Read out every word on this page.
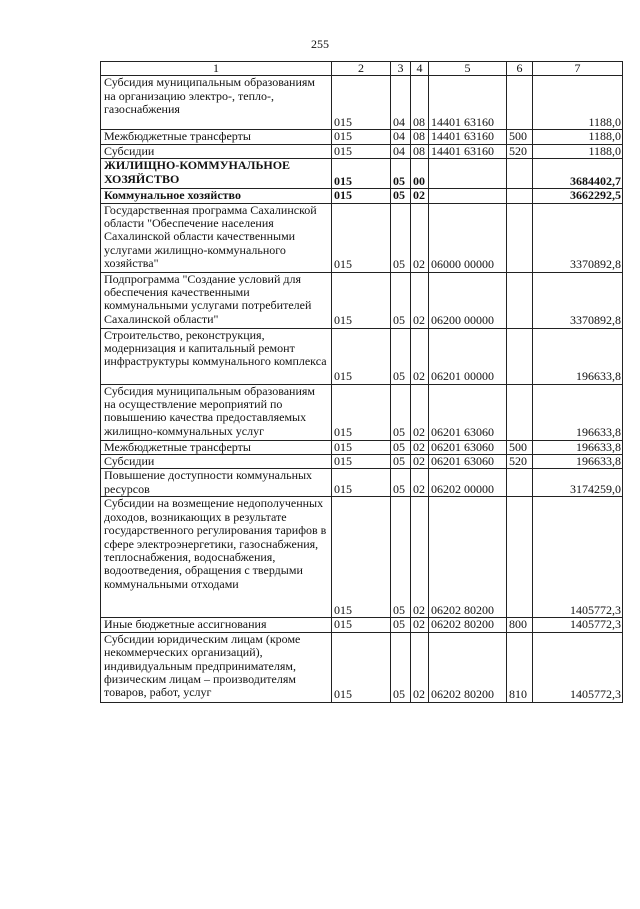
255
1	2	3	4	5	6	7
Субсидия муниципальным образованиям на организацию электро-, тепло-, газоснабжения	015	04	08	14401 63160		1188,0
Межбюджетные трансферты	015	04	08	14401 63160	500	1188,0
Субсидии	015	04	08	14401 63160	520	1188,0
ЖИЛИЩНО-КОММУНАЛЬНОЕ ХОЗЯЙСТВО	015	05	00			3684402,7
Коммунальное хозяйство	015	05	02			3662292,5
Государственная программа Сахалинской области "Обеспечение населения Сахалинской области качественными услугами жилищно-коммунального хозяйства"	015	05	02	06000 00000		3370892,8
Подпрограмма "Создание условий для обеспечения качественными коммунальными услугами потребителей Сахалинской области"	015	05	02	06200 00000		3370892,8
Строительство, реконструкция, модернизация и капитальный ремонт инфраструктуры коммунального комплекса	015	05	02	06201 00000		196633,8
Субсидия муниципальным образованиям на осуществление мероприятий по повышению качества предоставляемых жилищно-коммунальных услуг	015	05	02	06201 63060		196633,8
Межбюджетные трансферты	015	05	02	06201 63060	500	196633,8
Субсидии	015	05	02	06201 63060	520	196633,8
Повышение доступности коммунальных ресурсов	015	05	02	06202 00000		3174259,0
Субсидии на возмещение недополученных доходов, возникающих в результате государственного регулирования тарифов в сфере электроэнергетики, газоснабжения, теплоснабжения, водоснабжения, водоотведения, обращения с твердыми коммунальными отходами	015	05	02	06202 80200		1405772,3
Иные бюджетные ассигнования	015	05	02	06202 80200	800	1405772,3
Субсидии юридическим лицам (кроме некоммерческих организаций), индивидуальным предпринимателям, физическим лицам – производителям товаров, работ, услуг	015	05	02	06202 80200	810	1405772,3
